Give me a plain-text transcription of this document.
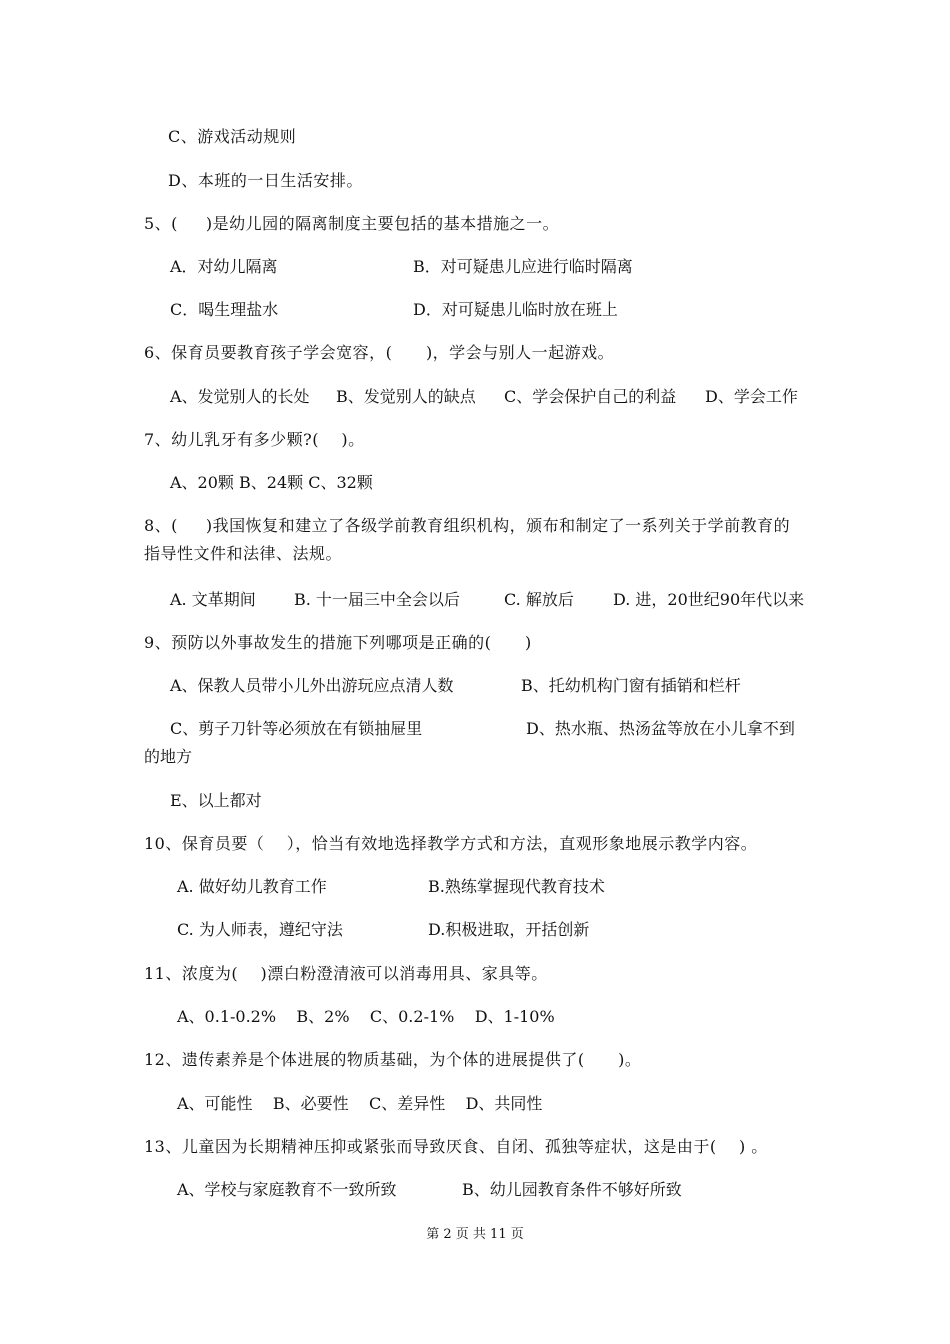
C、游戏活动规则
D、本班的一日生活安排。
5、(     )是幼儿园的隔离制度主要包括的基本措施之一。
A．对幼儿隔离	B．对可疑患儿应进行临时隔离
C．喝生理盐水	D．对可疑患儿临时放在班上
6、保育员要教育孩子学会宽容，(      )，学会与别人一起游戏。
A、发觉别人的长处 B、发觉别人的缺点 C、学会保护自己的利益 D、学会工作
7、幼儿乳牙有多少颗?(    )。
A、20颗 B、24颗 C、32颗
8、(     )我国恢复和建立了各级学前教育组织机构，颁布和制定了一系列关于学前教育的
指导性文件和法律、法规。
A. 文革期间 B. 十一届三中全会以后	C. 解放后 D. 进，20世纪90年代以来
9、预防以外事故发生的措施下列哪项是正确的(      )
A、保教人员带小儿外出游玩应点清人数	B、托幼机构门窗有插销和栏杆
C、剪子刀针等必须放在有锁抽屉里	D、热水瓶、热汤盆等放在小儿拿不到
的地方
E、以上都对
10、保育员要（    ），恰当有效地选择教学方式和方法，直观形象地展示教学内容。
A. 做好幼儿教育工作	B.熟练掌握现代教育技术
C. 为人师表，遵纪守法	D.积极进取，开括创新
11、浓度为(    )漂白粉澄清液可以消毒用具、家具等。
A、0.1-0.2%    B、2%    C、0.2-1%    D、1-10%
12、遗传素养是个体进展的物质基础，为个体的进展提供了(      )。
A、可能性    B、必要性    C、差异性    D、共同性
13、儿童因为长期精神压抑或紧张而导致厌食、自闭、孤独等症状，这是由于(    ) 。
A、学校与家庭教育不一致所致	B、幼儿园教育条件不够好所致
第 2 页 共 11 页
